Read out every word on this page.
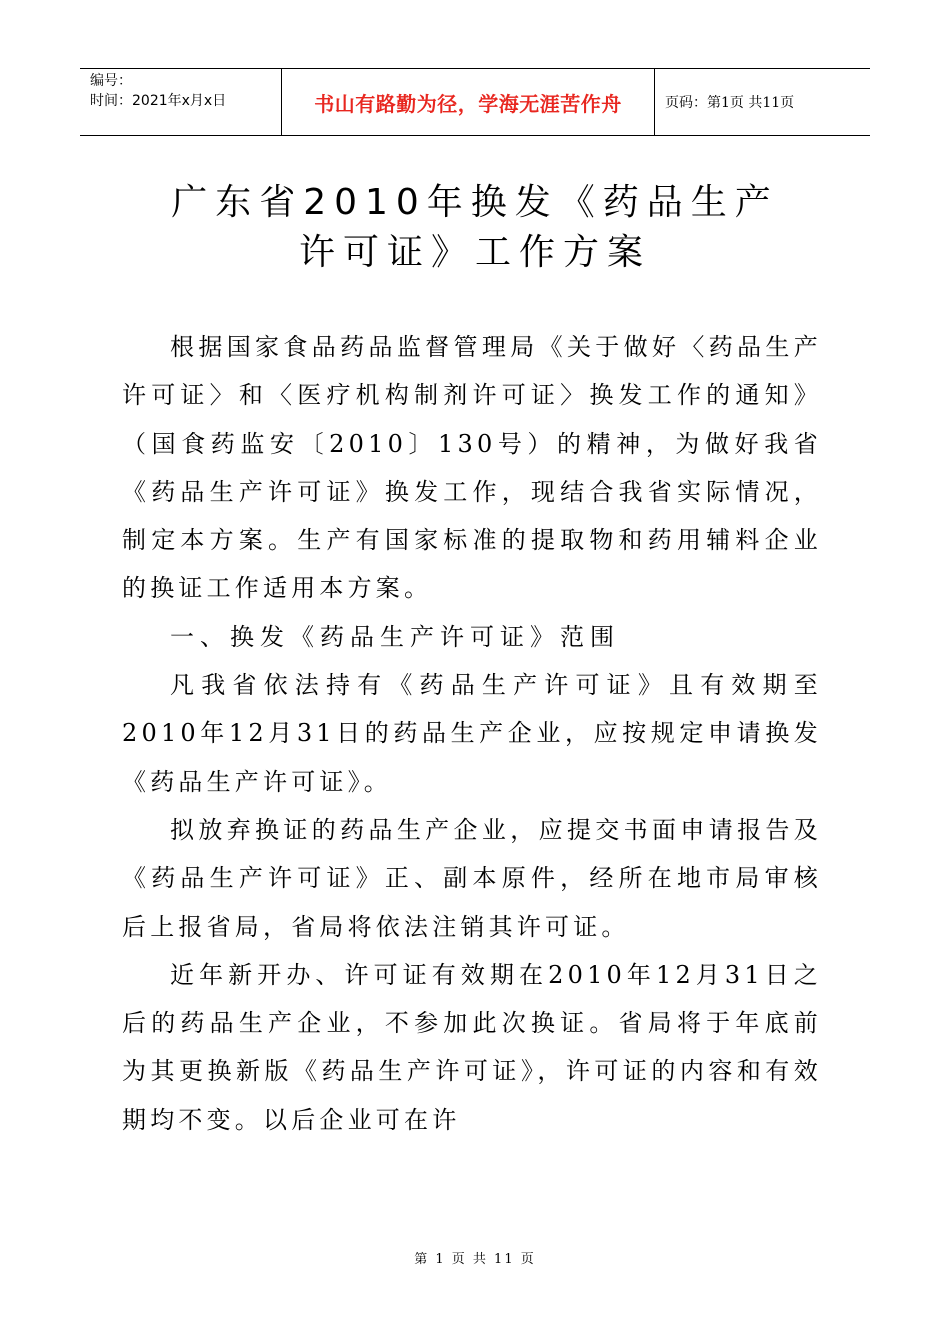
编号：
时间：2021年x月x日	书山有路勤为径，学海无涯苦作舟	页码：第1页 共11页
广东省2010年换发《药品生产
许可证》工作方案

根据国家食品药品监督管理局《关于做好〈药品生产许可证〉和〈医疗机构制剂许可证〉换发工作的通知》（国食药监安〔2010〕130号）的精神，为做好我省《药品生产许可证》换发工作，现结合我省实际情况，制定本方案。生产有国家标准的提取物和药用辅料企业的换证工作适用本方案。

一、换发《药品生产许可证》范围

凡我省依法持有《药品生产许可证》且有效期至2010年12月31日的药品生产企业，应按规定申请换发《药品生产许可证》。

拟放弃换证的药品生产企业，应提交书面申请报告及《药品生产许可证》正、副本原件，经所在地市局审核后上报省局，省局将依法注销其许可证。

近年新开办、许可证有效期在2010年12月31日之后的药品生产企业，不参加此次换证。省局将于年底前为其更换新版《药品生产许可证》，许可证的内容和有效期均不变。以后企业可在许

第 1 页 共 11 页
